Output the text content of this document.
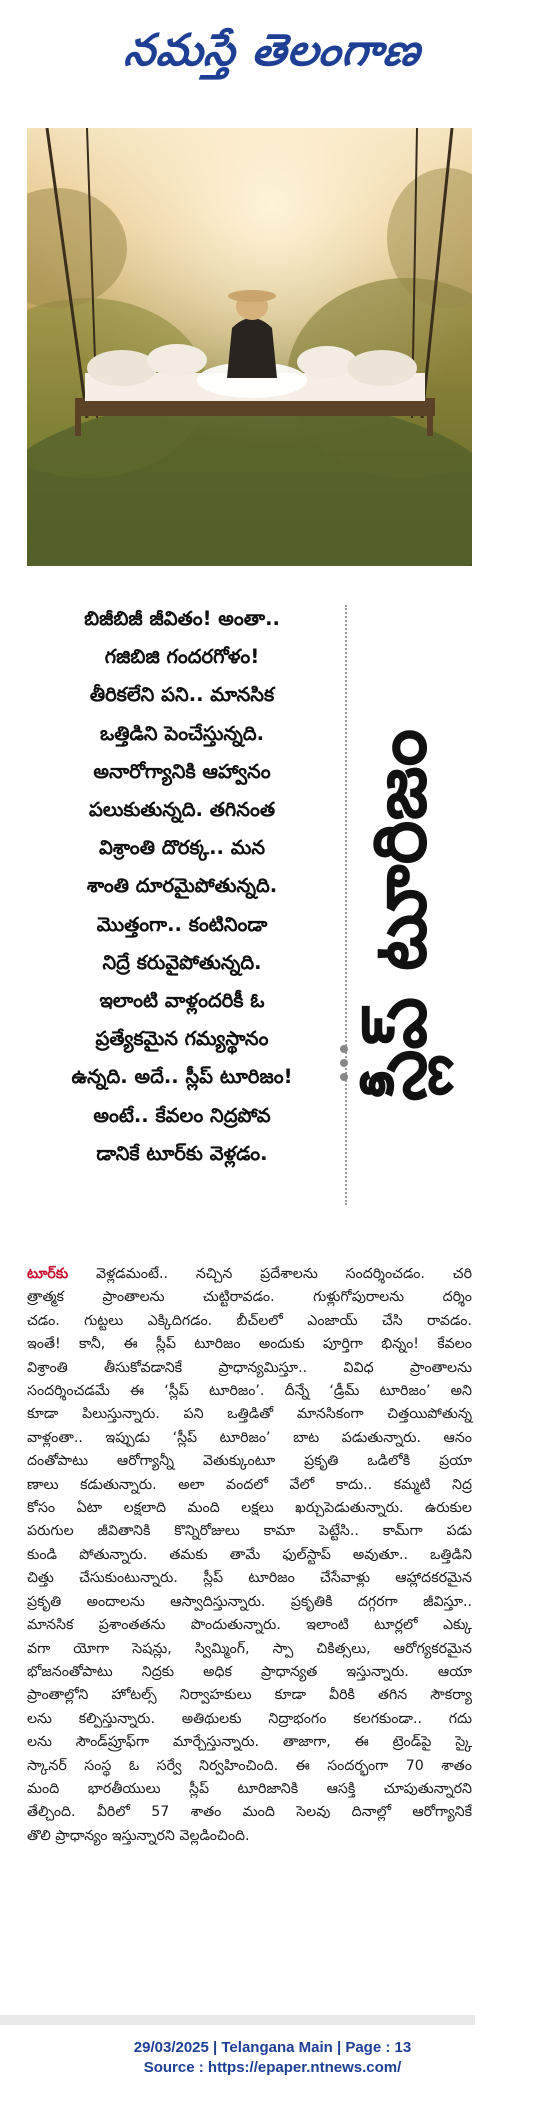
నమస్తే తెలంగాణ

బిజీబిజీ జీవితం! అంతా..

గజిబిజి గందరగోళం!

తీరికలేని పని.. మానసిక

ఒత్తిడిని పెంచేస్తున్నది.

అనారోగ్యానికి ఆహ్వానం

పలుకుతున్నది. తగినంత

విశ్రాంతి దొరక్క.. మన

శాంతి దూరమైపోతున్నది.

మొత్తంగా.. కంటినిండా

నిద్రే కరువైపోతున్నది.

ఇలాంటి వాళ్లందరికీ ఓ

ప్రత్యేకమైన గమ్యస్థానం

ఉన్నది. అదే.. స్లీప్ టూరిజం!

అంటే.. కేవలం నిద్రపోవ

డానికే టూర్‌కు వెళ్లడం.

స్లీప్ టూరిజం
టూర్‌కు వెళ్లడమంటే.. నచ్చిన ప్రదేశాలను సందర్శించడం. చరి
త్రాత్మక ప్రాంతాలను చుట్టిరావడం. గుళ్లుగోపురాలను దర్శిం
చడం. గుట్టలు ఎక్కిదిగడం. బీచ్‌లలో ఎంజాయ్ చేసి రావడం.
ఇంతే! కానీ, ఈ స్లీప్ టూరిజం అందుకు పూర్తిగా భిన్నం! కేవలం
విశ్రాంతి తీసుకోవడానికే ప్రాధాన్యమిస్తూ.. వివిధ ప్రాంతాలను
సందర్శించడమే ఈ ‘స్లీప్ టూరిజం’. దీన్నే ‘డ్రీమ్ టూరిజం’ అని
కూడా పిలుస్తున్నారు. పని ఒత్తిడితో మానసికంగా చిత్తయిపోతున్న
వాళ్లంతా.. ఇప్పుడు ‘స్లీప్ టూరిజం’ బాట పడుతున్నారు. ఆనం
దంతోపాటు ఆరోగ్యాన్నీ వెతుక్కుంటూ ప్రకృతి ఒడిలోకి ప్రయా
ణాలు కడుతున్నారు. అలా వందలో వేలో కాదు.. కమ్మటి నిద్ర
కోసం ఏటా లక్షలాది మంది లక్షలు ఖర్చుపెడుతున్నారు. ఉరుకుల
పరుగుల జీవితానికి కొన్నిరోజులు కామా పెట్టేసి.. కామ్‌గా పడు
కుండి పోతున్నారు. తమకు తామే ఫుల్‌స్టాప్ అవుతూ.. ఒత్తిడిని
చిత్తు చేసుకుంటున్నారు. స్లీప్ టూరిజం చేసేవాళ్లు ఆహ్లాదకరమైన
ప్రకృతి అందాలను ఆస్వాదిస్తున్నారు. ప్రకృతికి దగ్గరగా జీవిస్తూ..
మానసిక ప్రశాంతతను పొందుతున్నారు. ఇలాంటి టూర్లలో ఎక్కు
వగా యోగా సెషన్లు, స్విమ్మింగ్, స్పా చికిత్సలు, ఆరోగ్యకరమైన
భోజనంతోపాటు నిద్రకు అధిక ప్రాధాన్యత ఇస్తున్నారు. ఆయా
ప్రాంతాల్లోని హోటల్స్ నిర్వాహకులు కూడా వీరికి తగిన సౌకర్యా
లను కల్పిస్తున్నారు. అతిథులకు నిద్రాభంగం కలగకుండా.. గదు
లను సౌండ్‌ప్రూఫ్‌గా మార్చేస్తున్నారు. తాజాగా, ఈ ట్రెండ్‌పై స్కై
స్కానర్ సంస్థ ఓ సర్వే నిర్వహించింది. ఈ సందర్భంగా 70 శాతం
మంది భారతీయులు స్లీప్ టూరిజానికి ఆసక్తి చూపుతున్నారని
తేల్చింది. వీరిలో 57 శాతం మంది సెలవు దినాల్లో ఆరోగ్యానికే
తొలి ప్రాధాన్యం ఇస్తున్నారని వెల్లడించింది.
29/03/2025 | Telangana Main | Page : 13
Source : https://epaper.ntnews.com/
